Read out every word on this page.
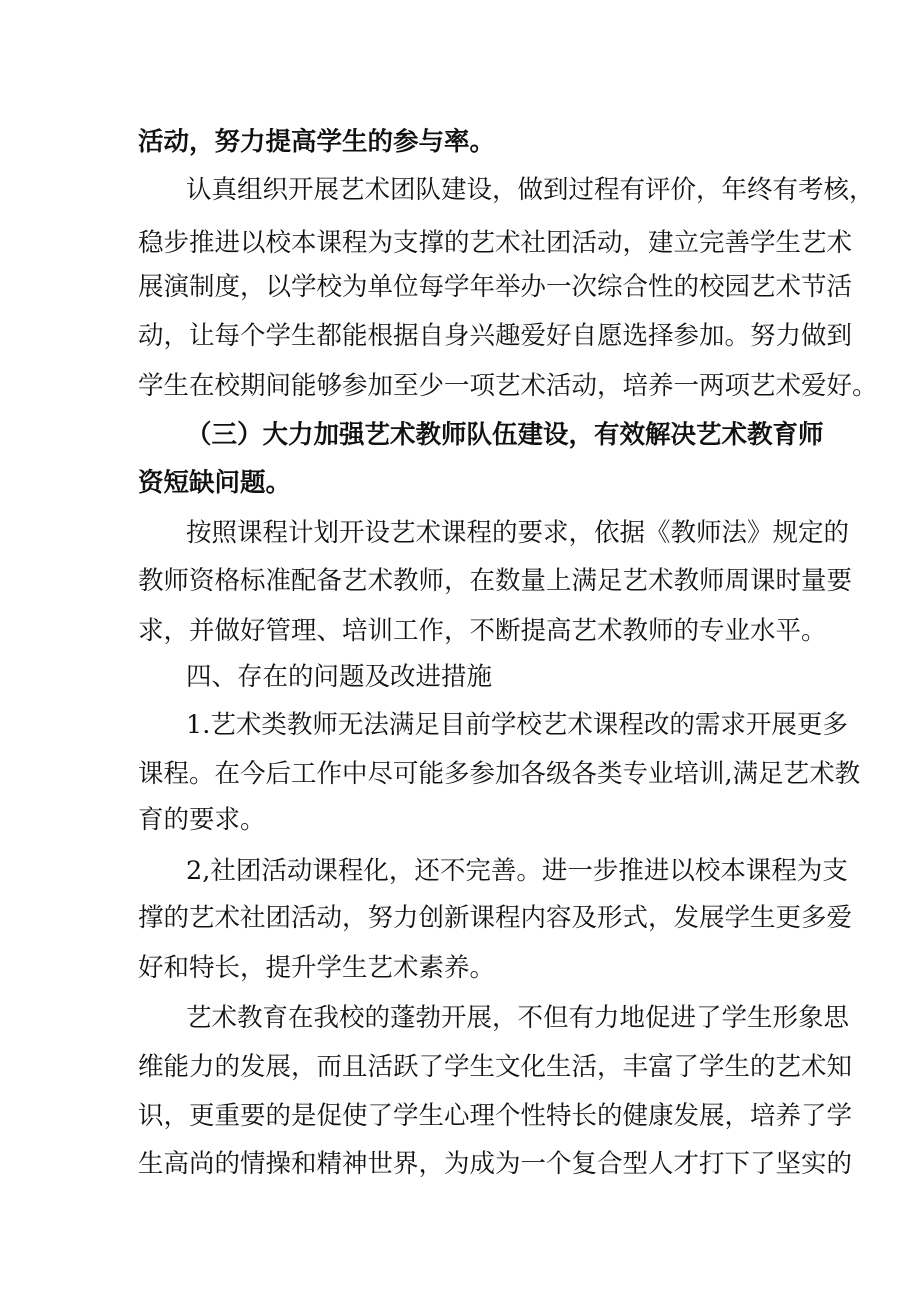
活动，努力提高学生的参与率。
认真组织开展艺术团队建设，做到过程有评价，年终有考核，
稳步推进以校本课程为支撑的艺术社团活动，建立完善学生艺术
展演制度，以学校为单位每学年举办一次综合性的校园艺术节活
动，让每个学生都能根据自身兴趣爱好自愿选择参加。努力做到
学生在校期间能够参加至少一项艺术活动，培养一两项艺术爱好。
（三）大力加强艺术教师队伍建设，有效解决艺术教育师
资短缺问题。
按照课程计划开设艺术课程的要求，依据《教师法》规定的
教师资格标准配备艺术教师，在数量上满足艺术教师周课时量要
求，并做好管理、培训工作，不断提高艺术教师的专业水平。
四、存在的问题及改进措施
1.艺术类教师无法满足目前学校艺术课程改的需求开展更多
课程。在今后工作中尽可能多参加各级各类专业培训,满足艺术教
育的要求。
2,社团活动课程化，还不完善。进一步推进以校本课程为支
撑的艺术社团活动，努力创新课程内容及形式，发展学生更多爱
好和特长，提升学生艺术素养。
艺术教育在我校的蓬勃开展，不但有力地促进了学生形象思
维能力的发展，而且活跃了学生文化生活，丰富了学生的艺术知
识，更重要的是促使了学生心理个性特长的健康发展，培养了学
生高尚的情操和精神世界，为成为一个复合型人才打下了坚实的
